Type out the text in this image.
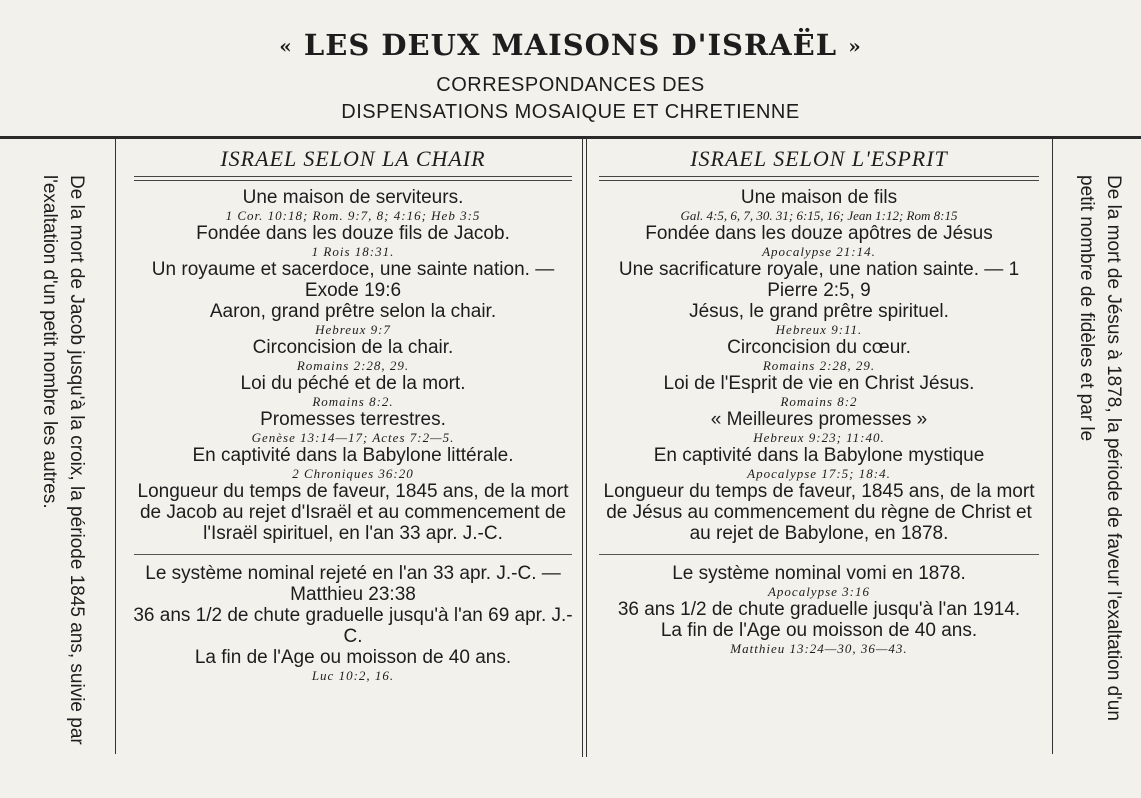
« LES DEUX MAISONS D'ISRAËL »
CORRESPONDANCES DES
DISPENSATIONS MOSAIQUE ET CHRETIENNE
De la mort de Jacob jusqu'à la croix, la période 1845 ans, suivie par l'exaltation d'un petit nombre les autres.	De la mort de Jésus à 1878, la période de faveur l'exaltation d'un petit nombre de fidèles et par le
ISRAEL SELON LA CHAIR
Une maison de serviteurs.
1 Cor. 10:18; Rom. 9:7, 8; 4:16; Heb 3:5
Fondée dans les douze fils de Jacob.
1 Rois 18:31.
Un royaume et sacerdoce, une sainte nation. — Exode 19:6
Aaron, grand prêtre selon la chair.
Hebreux 9:7
Circoncision de la chair.
Romains 2:28, 29.
Loi du péché et de la mort.
Romains 8:2.
Promesses terrestres.
Genèse 13:14—17; Actes 7:2—5.
En captivité dans la Babylone littérale.
2 Chroniques 36:20
Longueur du temps de faveur, 1845 ans, de la mort de Jacob au rejet d'Israël et au commencement de l'Israël spirituel, en l'an 33 apr. J.-C.
Le système nominal rejeté en l'an 33 apr. J.-C. — Matthieu 23:38
36 ans 1/2 de chute graduelle jusqu'à l'an 69 apr. J.-C.
La fin de l'Age ou moisson de 40 ans.
Luc 10:2, 16.
ISRAEL SELON L'ESPRIT
Une maison de fils
Gal. 4:5, 6, 7, 30. 31; 6:15, 16; Jean 1:12; Rom 8:15
Fondée dans les douze apôtres de Jésus
Apocalypse 21:14.
Une sacrificature royale, une nation sainte. — 1 Pierre 2:5, 9
Jésus, le grand prêtre spirituel.
Hebreux 9:11.
Circoncision du cœur.
Romains 2:28, 29.
Loi de l'Esprit de vie en Christ Jésus.
Romains 8:2
« Meilleures promesses »
Hebreux 9:23; 11:40.
En captivité dans la Babylone mystique
Apocalypse 17:5; 18:4.
Longueur du temps de faveur, 1845 ans, de la mort de Jésus au commencement du règne de Christ et au rejet de Babylone, en 1878.
Le système nominal vomi en 1878.
Apocalypse 3:16
36 ans 1/2 de chute graduelle jusqu'à l'an 1914.
La fin de l'Age ou moisson de 40 ans.
Matthieu 13:24—30, 36—43.
